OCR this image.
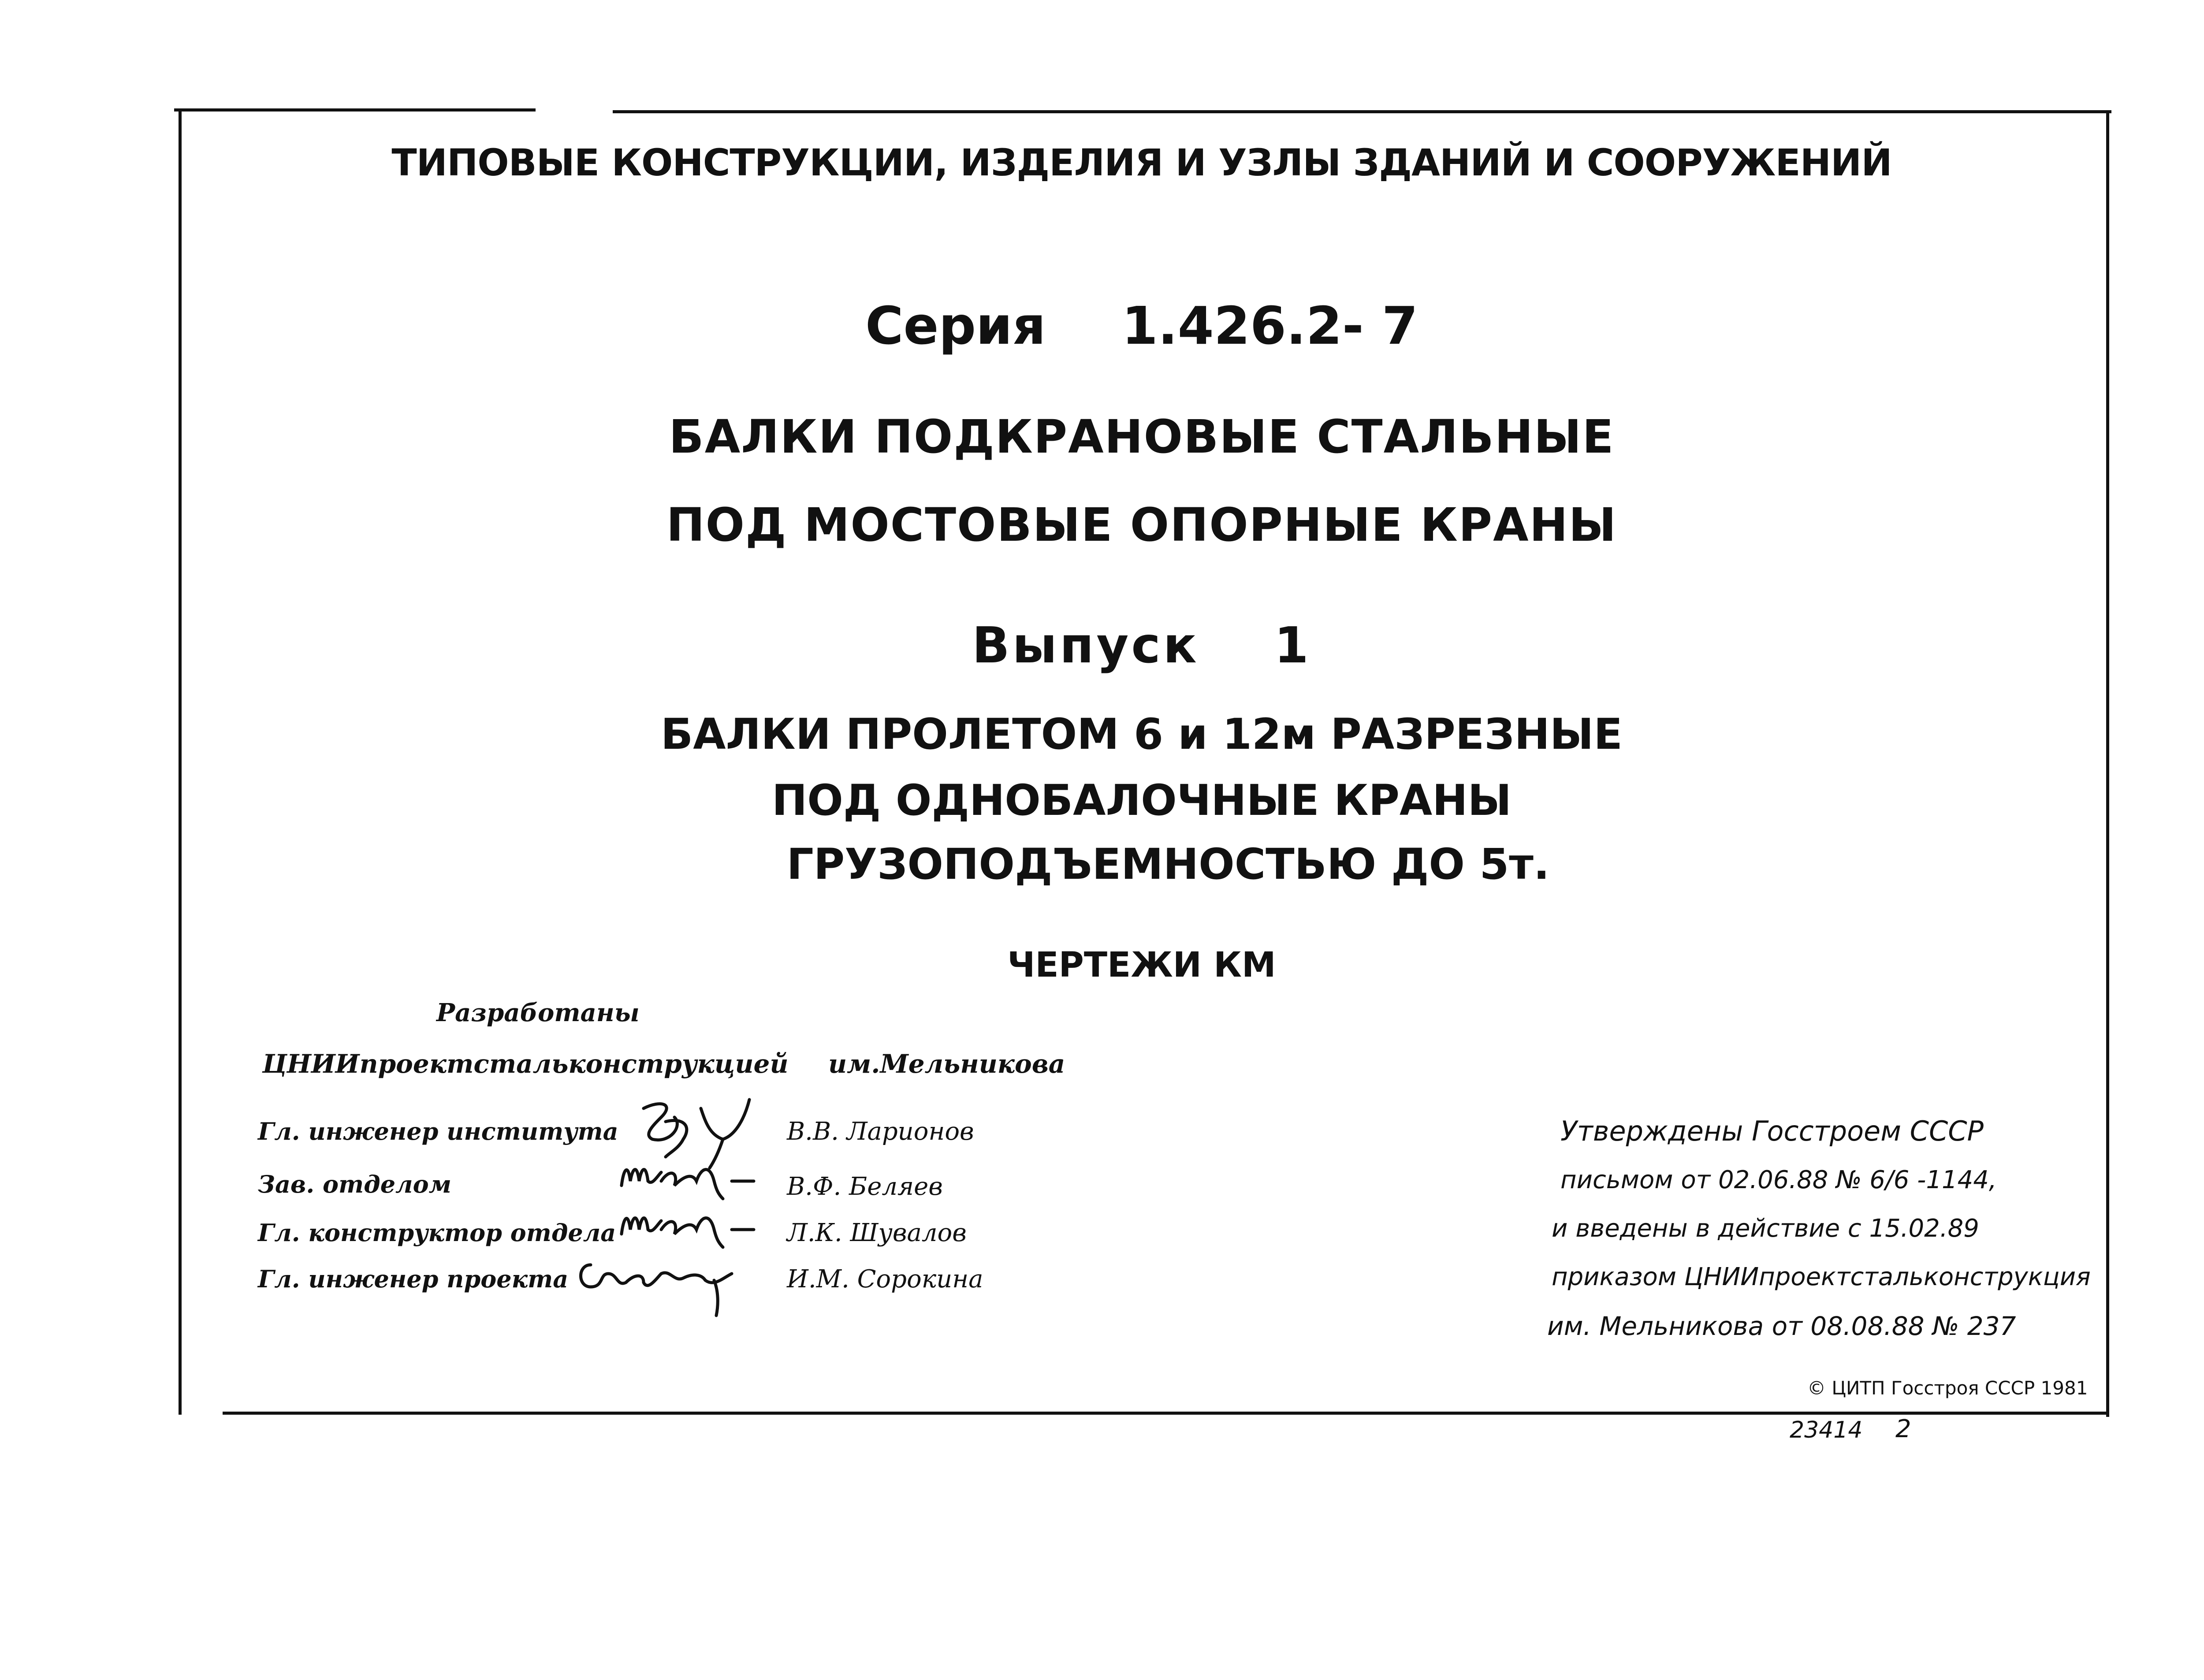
ТИПОВЫЕ КОНСТРУКЦИИ, ИЗДЕЛИЯ И УЗЛЫ ЗДАНИЙ И СООРУЖЕНИЙ
Серия 1.426.2- 7
БАЛКИ ПОДКРАНОВЫЕ СТАЛЬНЫЕ
ПОД МОСТОВЫЕ ОПОРНЫЕ КРАНЫ
Выпуск 1
БАЛКИ ПРОЛЕТОМ 6 и 12м РАЗРЕЗНЫЕ
ПОД ОДНОБАЛОЧНЫЕ КРАНЫ
ГРУЗОПОДЪЕМНОСТЬЮ ДО 5т.
ЧЕРТЕЖИ КМ
Разработаны
ЦНИИпроектстальконструкцией им.Мельникова
Гл. инженер института
Зав. отделом
Гл. конструктор отдела
Гл. инженер проекта
В.В. Ларионов
В.Ф. Беляев
Л.К. Шувалов
И.М. Сорокина
Утверждены Госстроем СССР
письмом от 02.06.88 № 6/6 -1144,
и введены в действие с 15.02.89
приказом ЦНИИпроектстальконструкция
им. Мельникова от 08.08.88 № 237
© ЦИТП Госстроя СССР 1981
23414 2
